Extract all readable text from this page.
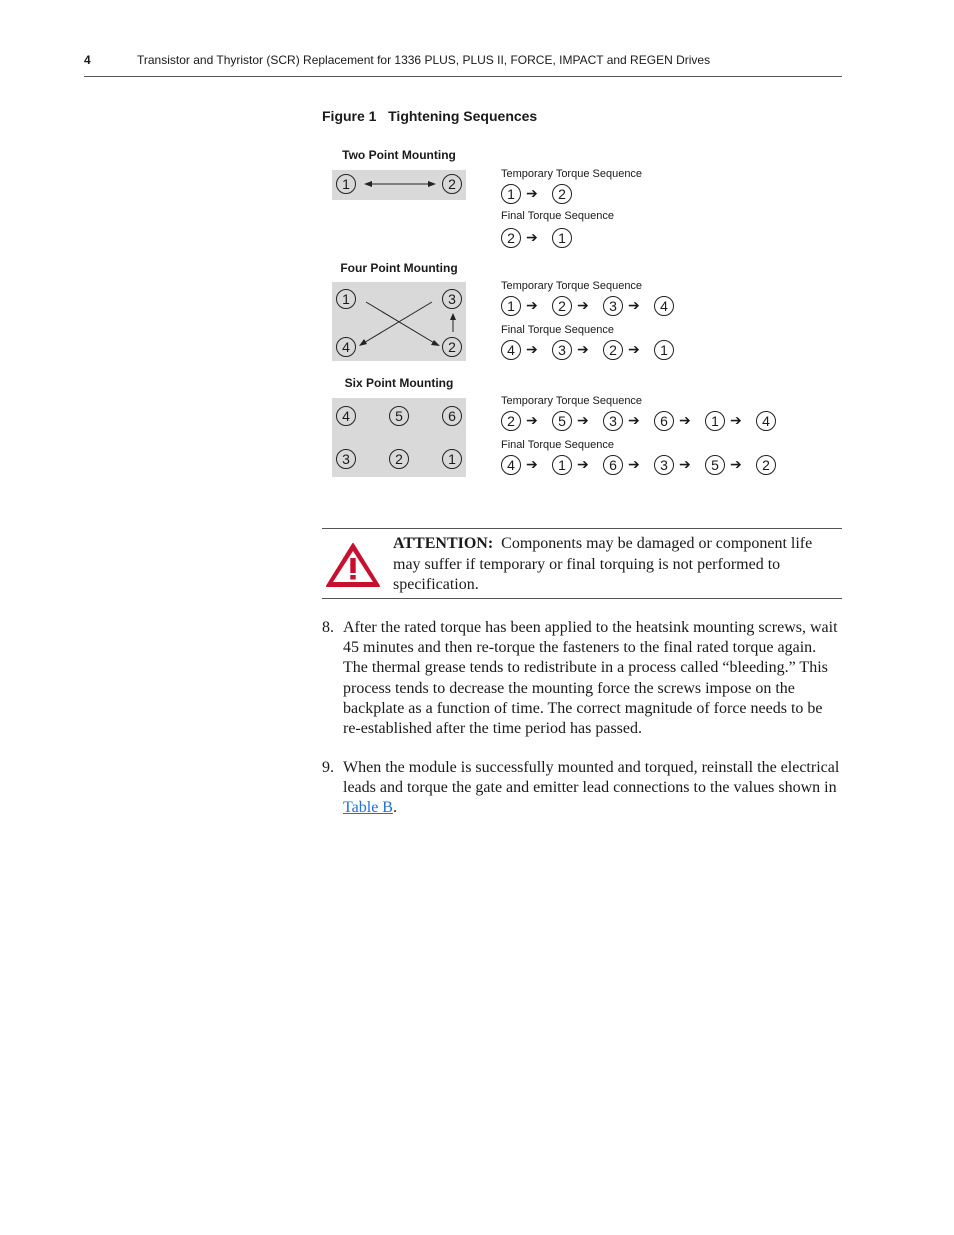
4	Transistor and Thyristor (SCR) Replacement for 1336 PLUS, PLUS II, FORCE, IMPACT and REGEN Drives
Figure 1   Tightening Sequences
Two Point Mounting
1	2
Temporary Torque Sequence
1 ➔	2
Final Torque Sequence
2 ➔	1
Four Point Mounting
1	3
4	2
Temporary Torque Sequence
1 ➔	2 ➔	3 ➔	4
Final Torque Sequence
4 ➔	3 ➔	2 ➔	1
Six Point Mounting
4	5	6
3	2	1
Temporary Torque Sequence
2 ➔	5 ➔	3 ➔	6 ➔	1 ➔	4
Final Torque Sequence
4 ➔	1 ➔	6 ➔	3 ➔	5 ➔	2
ATTENTION: Components may be damaged or component life may suffer if temporary or final torquing is not performed to specification.
8. After the rated torque has been applied to the heatsink mounting screws, wait 45 minutes and then re-torque the fasteners to the final rated torque again. The thermal grease tends to redistribute in a process called “bleeding.” This process tends to decrease the mounting force the screws impose on the backplate as a function of time. The correct magnitude of force needs to be re-established after the time period has passed.
9. When the module is successfully mounted and torqued, reinstall the electrical leads and torque the gate and emitter lead connections to the values shown in Table B.
